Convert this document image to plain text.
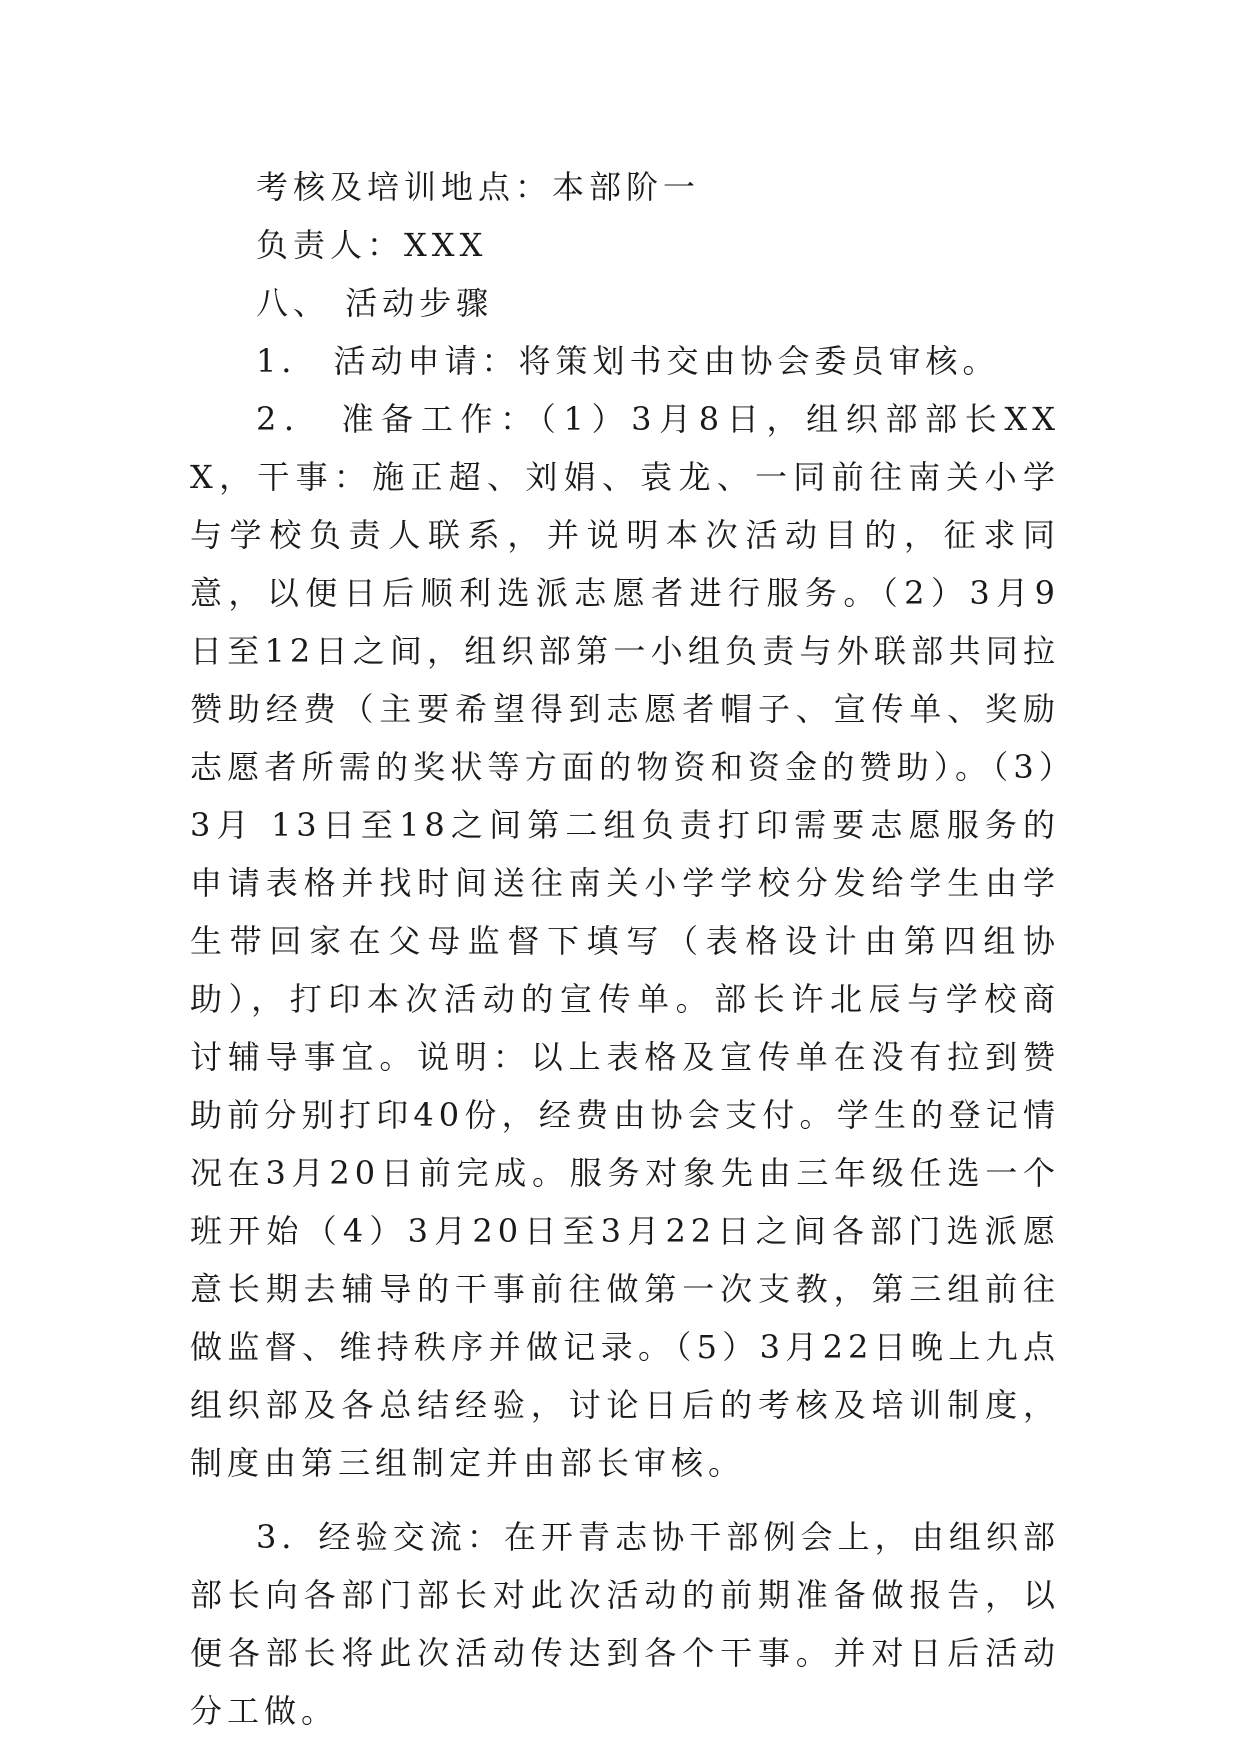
考核及培训地点：本部阶一

负责人：XXX

八、 活动步骤

1． 活动申请：将策划书交由协会委员审核。

2． 准备工作：（1）3月8日，组织部部长XXX，干事：施正超、刘娟、袁龙、一同前往南关小学与学校负责人联系，并说明本次活动目的，征求同意，以便日后顺利选派志愿者进行服务。（2）3月9日至12日之间，组织部第一小组负责与外联部共同拉赞助经费（主要希望得到志愿者帽子、宣传单、奖励志愿者所需的奖状等方面的物资和资金的赞助）。（3）3月 13日至18之间第二组负责打印需要志愿服务的申请表格并找时间送往南关小学学校分发给学生由学生带回家在父母监督下填写（表格设计由第四组协助），打印本次活动的宣传单。部长许北辰与学校商讨辅导事宜。说明：以上表格及宣传单在没有拉到赞助前分别打印40份，经费由协会支付。学生的登记情况在3月20日前完成。服务对象先由三年级任选一个班开始（4）3月20日至3月22日之间各部门选派愿意长期去辅导的干事前往做第一次支教，第三组前往做监督、维持秩序并做记录。（5）3月22日晚上九点组织部及各总结经验，讨论日后的考核及培训制度，制度由第三组制定并由部长审核。

3．经验交流：在开青志协干部例会上，由组织部部长向各部门部长对此次活动的前期准备做报告，以便各部长将此次活动传达到各个干事。并对日后活动分工做。
